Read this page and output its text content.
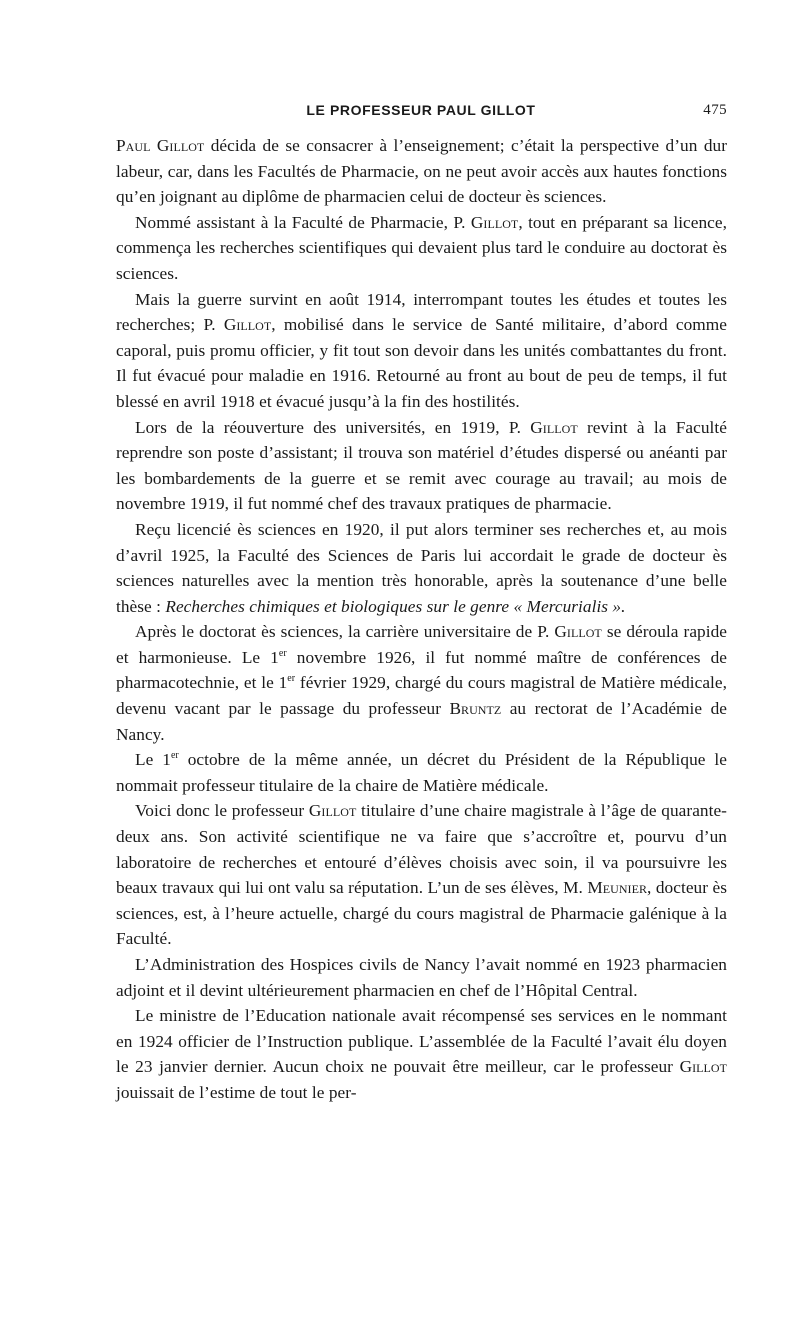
LE PROFESSEUR PAUL GILLOT	475

Paul Gillot décida de se consacrer à l’enseignement; c’était la perspective d’un dur labeur, car, dans les Facultés de Pharmacie, on ne peut avoir accès aux hautes fonctions qu’en joignant au diplôme de pharmacien celui de docteur ès sciences.

Nommé assistant à la Faculté de Pharmacie, P. Gillot, tout en préparant sa licence, commença les recherches scientifiques qui devaient plus tard le conduire au doctorat ès sciences.

Mais la guerre survint en août 1914, interrompant toutes les études et toutes les recherches; P. Gillot, mobilisé dans le service de Santé militaire, d’abord comme caporal, puis promu officier, y fit tout son devoir dans les unités combattantes du front. Il fut évacué pour maladie en 1916. Retourné au front au bout de peu de temps, il fut blessé en avril 1918 et évacué jusqu’à la fin des hostilités.

Lors de la réouverture des universités, en 1919, P. Gillot revint à la Faculté reprendre son poste d’assistant; il trouva son matériel d’études dispersé ou anéanti par les bombardements de la guerre et se remit avec courage au travail; au mois de novembre 1919, il fut nommé chef des travaux pratiques de pharmacie.

Reçu licencié ès sciences en 1920, il put alors terminer ses recherches et, au mois d’avril 1925, la Faculté des Sciences de Paris lui accordait le grade de docteur ès sciences naturelles avec la mention très honorable, après la soutenance d’une belle thèse : Recherches chimiques et biologiques sur le genre « Mercurialis ».

Après le doctorat ès sciences, la carrière universitaire de P. Gillot se déroula rapide et harmonieuse. Le 1er novembre 1926, il fut nommé maître de conférences de pharmacotechnie, et le 1er février 1929, chargé du cours magistral de Matière médicale, devenu vacant par le passage du professeur Bruntz au rectorat de l’Académie de Nancy.

Le 1er octobre de la même année, un décret du Président de la République le nommait professeur titulaire de la chaire de Matière médicale.

Voici donc le professeur Gillot titulaire d’une chaire magistrale à l’âge de quarante-deux ans. Son activité scientifique ne va faire que s’accroître et, pourvu d’un laboratoire de recherches et entouré d’élèves choisis avec soin, il va poursuivre les beaux travaux qui lui ont valu sa réputation. L’un de ses élèves, M. Meunier, docteur ès sciences, est, à l’heure actuelle, chargé du cours magistral de Pharmacie galénique à la Faculté.

L’Administration des Hospices civils de Nancy l’avait nommé en 1923 pharmacien adjoint et il devint ultérieurement pharmacien en chef de l’Hôpital Central.

Le ministre de l’Education nationale avait récompensé ses services en le nommant en 1924 officier de l’Instruction publique. L’assemblée de la Faculté l’avait élu doyen le 23 janvier dernier. Aucun choix ne pouvait être meilleur, car le professeur Gillot jouissait de l’estime de tout le per-
